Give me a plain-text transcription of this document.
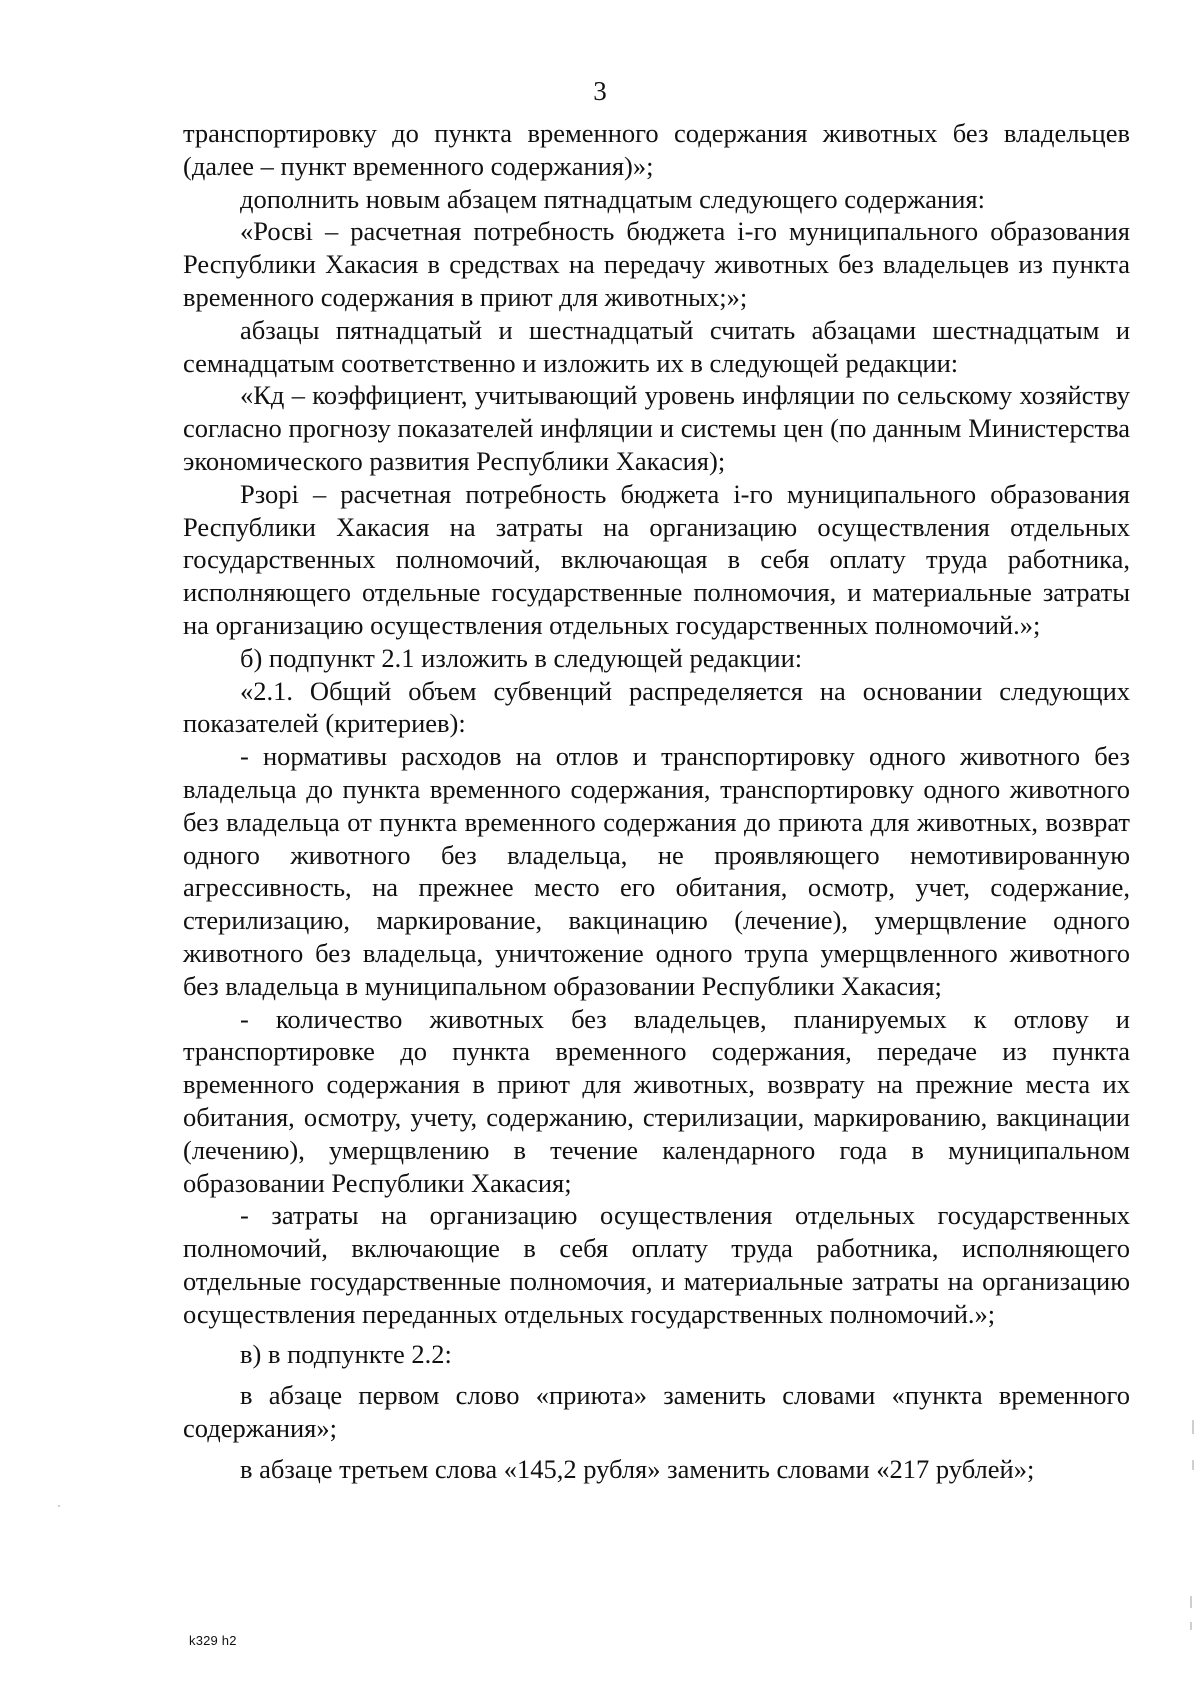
3

транспортировку до пункта временного содержания животных без владельцев (далее – пункт временного содержания)»;

дополнить новым абзацем пятнадцатым следующего содержания:

«Росві – расчетная потребность бюджета і-го муниципального образования Республики Хакасия в средствах на передачу животных без владельцев из пункта временного содержания в приют для животных;»;

абзацы пятнадцатый и шестнадцатый считать абзацами шестнадцатым и семнадцатым соответственно и изложить их в следующей редакции:

«Кд – коэффициент, учитывающий уровень инфляции по сельскому хозяйству согласно прогнозу показателей инфляции и системы цен (по данным Министерства экономического развития Республики Хакасия);

Рзорі – расчетная потребность бюджета і-го муниципального образования Республики Хакасия на затраты на организацию осуществления отдельных государственных полномочий, включающая в себя оплату труда работника, исполняющего отдельные государственные полномочия, и материальные затраты на организацию осуществления отдельных государственных полномочий.»;

б) подпункт 2.1 изложить в следующей редакции:

«2.1. Общий объем субвенций распределяется на основании следующих показателей (критериев):

- нормативы расходов на отлов и транспортировку одного животного без владельца до пункта временного содержания, транспортировку одного животного без владельца от пункта временного содержания до приюта для животных, возврат одного животного без владельца, не проявляющего немотивированную агрессивность, на прежнее место его обитания, осмотр, учет, содержание, стерилизацию, маркирование, вакцинацию (лечение), умерщвление одного животного без владельца, уничтожение одного трупа умерщвленного животного без владельца в муниципальном образовании Республики Хакасия;

- количество животных без владельцев, планируемых к отлову и транспортировке до пункта временного содержания, передаче из пункта временного содержания в приют для животных, возврату на прежние места их обитания, осмотру, учету, содержанию, стерилизации, маркированию, вакцинации (лечению), умерщвлению в течение календарного года в муниципальном образовании Республики Хакасия;

- затраты на организацию осуществления отдельных государственных полномочий, включающие в себя оплату труда работника, исполняющего отдельные государственные полномочия, и материальные затраты на организацию осуществления переданных отдельных государственных полномочий.»;

в) в подпункте 2.2:

в абзаце первом слово «приюта» заменить словами «пункта временного содержания»;

в абзаце третьем слова «145,2 рубля» заменить словами «217 рублей»;

k329 h2
